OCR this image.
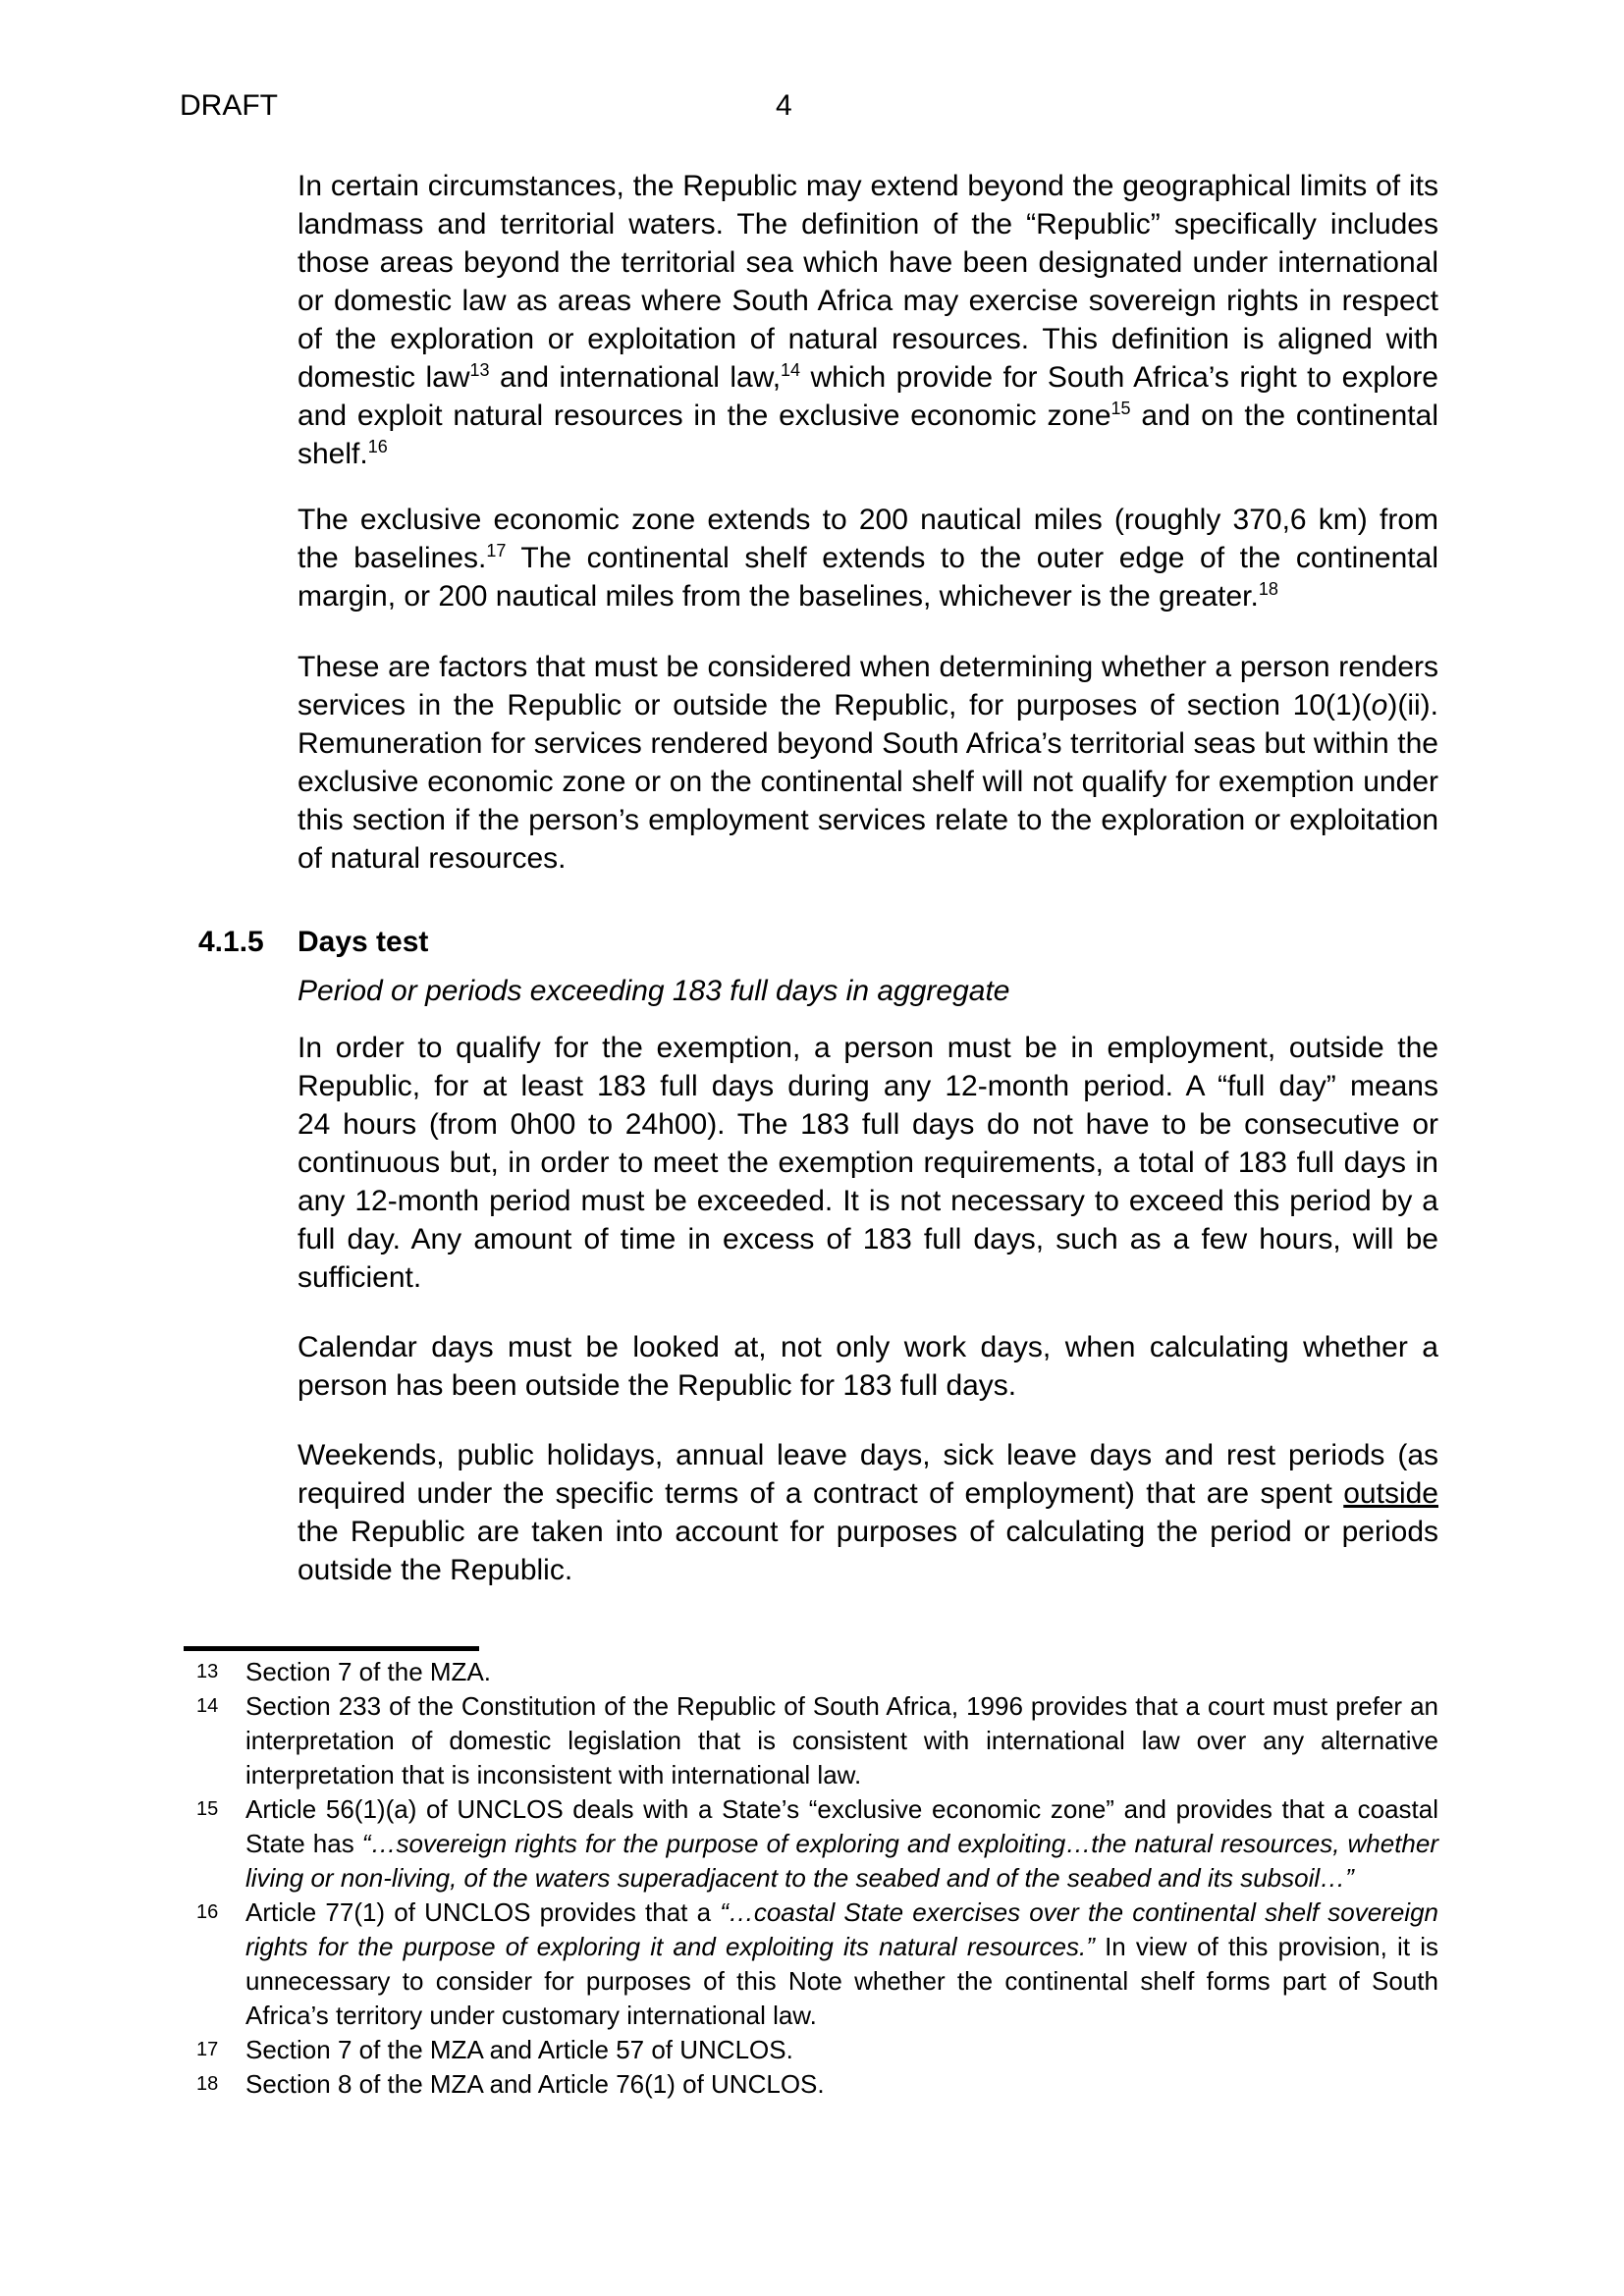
DRAFT	4
In certain circumstances, the Republic may extend beyond the geographical limits of its landmass and territorial waters. The definition of the “Republic” specifically includes those areas beyond the territorial sea which have been designated under international or domestic law as areas where South Africa may exercise sovereign rights in respect of the exploration or exploitation of natural resources. This definition is aligned with domestic law$^{13}$ and international law,$^{14}$ which provide for South Africa’s right to explore and exploit natural resources in the exclusive economic zone$^{15}$ and on the continental shelf.$^{16}$
The exclusive economic zone extends to 200 nautical miles (roughly 370,6 km) from the baselines.$^{17}$ The continental shelf extends to the outer edge of the continental margin, or 200 nautical miles from the baselines, whichever is the greater.$^{18}$
These are factors that must be considered when determining whether a person renders services in the Republic or outside the Republic, for purposes of section 10(1)(o)(ii). Remuneration for services rendered beyond South Africa’s territorial seas but within the exclusive economic zone or on the continental shelf will not qualify for exemption under this section if the person’s employment services relate to the exploration or exploitation of natural resources.
4.1.5 Days test
Period or periods exceeding 183 full days in aggregate
In order to qualify for the exemption, a person must be in employment, outside the Republic, for at least 183 full days during any 12-month period. A “full day” means 24 hours (from 0h00 to 24h00). The 183 full days do not have to be consecutive or continuous but, in order to meet the exemption requirements, a total of 183 full days in any 12-month period must be exceeded. It is not necessary to exceed this period by a full day. Any amount of time in excess of 183 full days, such as a few hours, will be sufficient.
Calendar days must be looked at, not only work days, when calculating whether a person has been outside the Republic for 183 full days.
Weekends, public holidays, annual leave days, sick leave days and rest periods (as required under the specific terms of a contract of employment) that are spent outside the Republic are taken into account for purposes of calculating the period or periods outside the Republic.
13 Section 7 of the MZA.
14 Section 233 of the Constitution of the Republic of South Africa, 1996 provides that a court must prefer an interpretation of domestic legislation that is consistent with international law over any alternative interpretation that is inconsistent with international law.
15 Article 56(1)(a) of UNCLOS deals with a State’s “exclusive economic zone” and provides that a coastal State has “…sovereign rights for the purpose of exploring and exploiting…the natural resources, whether living or non-living, of the waters superadjacent to the seabed and of the seabed and its subsoil…”
16 Article 77(1) of UNCLOS provides that a “…coastal State exercises over the continental shelf sovereign rights for the purpose of exploring it and exploiting its natural resources.” In view of this provision, it is unnecessary to consider for purposes of this Note whether the continental shelf forms part of South Africa’s territory under customary international law.
17 Section 7 of the MZA and Article 57 of UNCLOS.
18 Section 8 of the MZA and Article 76(1) of UNCLOS.
